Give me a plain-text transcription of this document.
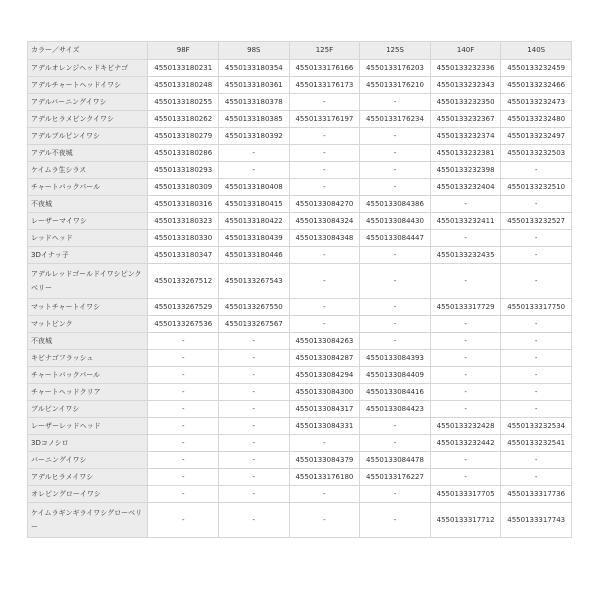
カラー／サイズ	98F	98S	125F	125S	140F	140S
アデルオレンジヘッドキビナゴ	4550133180231	4550133180354	4550133176166	4550133176203	4550133232336	4550133232459
アデルチャートヘッドイワシ	4550133180248	4550133180361	4550133176173	4550133176210	4550133232343	4550133232466
アデルバーニングイワシ	4550133180255	4550133180378	-	-	4550133232350	4550133232473
アデルヒラメビンクイワシ	4550133180262	4550133180385	4550133176197	4550133176234	4550133232367	4550133232480
アデルブルピンイワシ	4550133180279	4550133180392	-	-	4550133232374	4550133232497
アデル不夜城	4550133180286	-	-	-	4550133232381	4550133232503
ケイムラ生シラス	4550133180293	-	-	-	4550133232398	-
チャートバックパール	4550133180309	4550133180408	-	-	4550133232404	4550133232510
不夜城	4550133180316	4550133180415	4550133084270	4550133084386	-	-
レーザーマイワシ	4550133180323	4550133180422	4550133084324	4550133084430	4550133232411	4550133232527
レッドヘッド	4550133180330	4550133180439	4550133084348	4550133084447	-	-
3Dイナッ子	4550133180347	4550133180446	-	-	4550133232435	-
アデルレッドゴールドイワシピンクベリー	4550133267512	4550133267543	-	-	-	-
マットチャートイワシ	4550133267529	4550133267550	-	-	4550133317729	4550133317750
マットピンク	4550133267536	4550133267567	-	-	-	-
不夜城	-	-	4550133084263	-	-	-
キビナゴフラッシュ	-	-	4550133084287	4550133084393	-	-
チャートバックパール	-	-	4550133084294	4550133084409	-	-
チャートヘッドクリア	-	-	4550133084300	4550133084416	-	-
ブルピンイワシ	-	-	4550133084317	4550133084423	-	-
レーザーレッドヘッド	-	-	4550133084331	-	4550133232428	4550133232534
3Dコノシロ	-	-	-	-	4550133232442	4550133232541
バーニングイワシ	-	-	4550133084379	4550133084478	-	-
アデルヒラメイワシ	-	-	4550133176180	4550133176227	-	-
オレピングローイワシ	-	-	-	-	4550133317705	4550133317736
ケイムラギンギライワシグローベリー	-	-	-	-	4550133317712	4550133317743
